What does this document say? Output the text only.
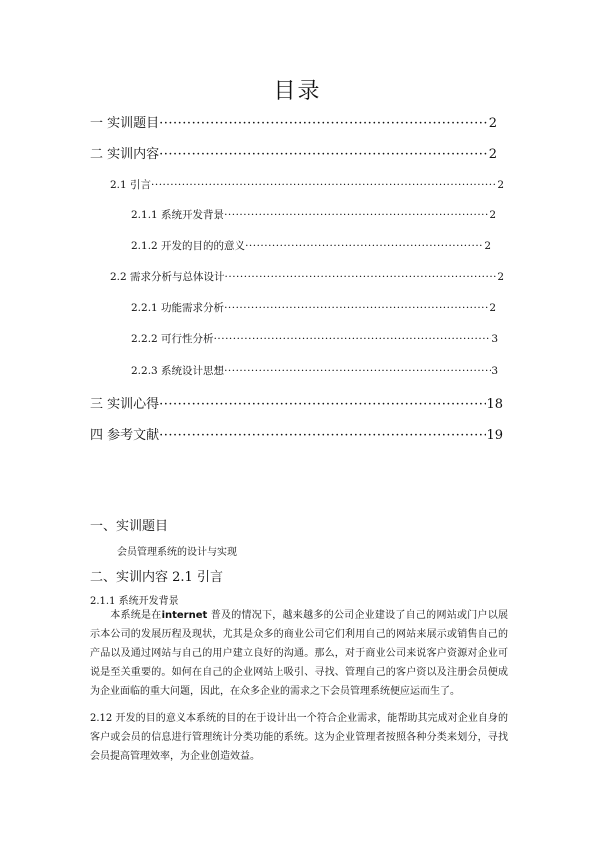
目录
一 实训题目 ·····	2
二 实训内容 ·····	2
2.1 引言 ·····	2
2.1.1 系统开发背景 ·····	2
2.1.2 开发的目的的意义 ·····	2
2.2 需求分析与总体设计 ·····	2
2.2.1 功能需求分析 ·····	2
2.2.2 可行性分析 ·····	3
2.2.3 系统设计思想 ·····	3
三 实训心得 ·····	18
四 参考文献 ·····	19
一、实训题目
会员管理系统的设计与实现
二、实训内容 2.1 引言
2.1.1 系统开发背景
本系统是在internet 普及的情况下，越来越多的公司企业建设了自己的网站或门户以展示本公司的发展历程及现状，尤其是众多的商业公司它们利用自己的网站来展示或销售自己的产品以及通过网站与自己的用户建立良好的沟通。那么，对于商业公司来说客户资源对企业可说是至关重要的。如何在自己的企业网站上吸引、寻找、管理自己的客户资以及注册会员便成为企业面临的重大问题，因此，在众多企业的需求之下会员管理系统便应运而生了。
2.12 开发的目的意义本系统的目的在于设计出一个符合企业需求，能帮助其完成对企业自身的客户或会员的信息进行管理统计分类功能的系统。这为企业管理者按照各种分类来划分，寻找会员提高管理效率，为企业创造效益。
